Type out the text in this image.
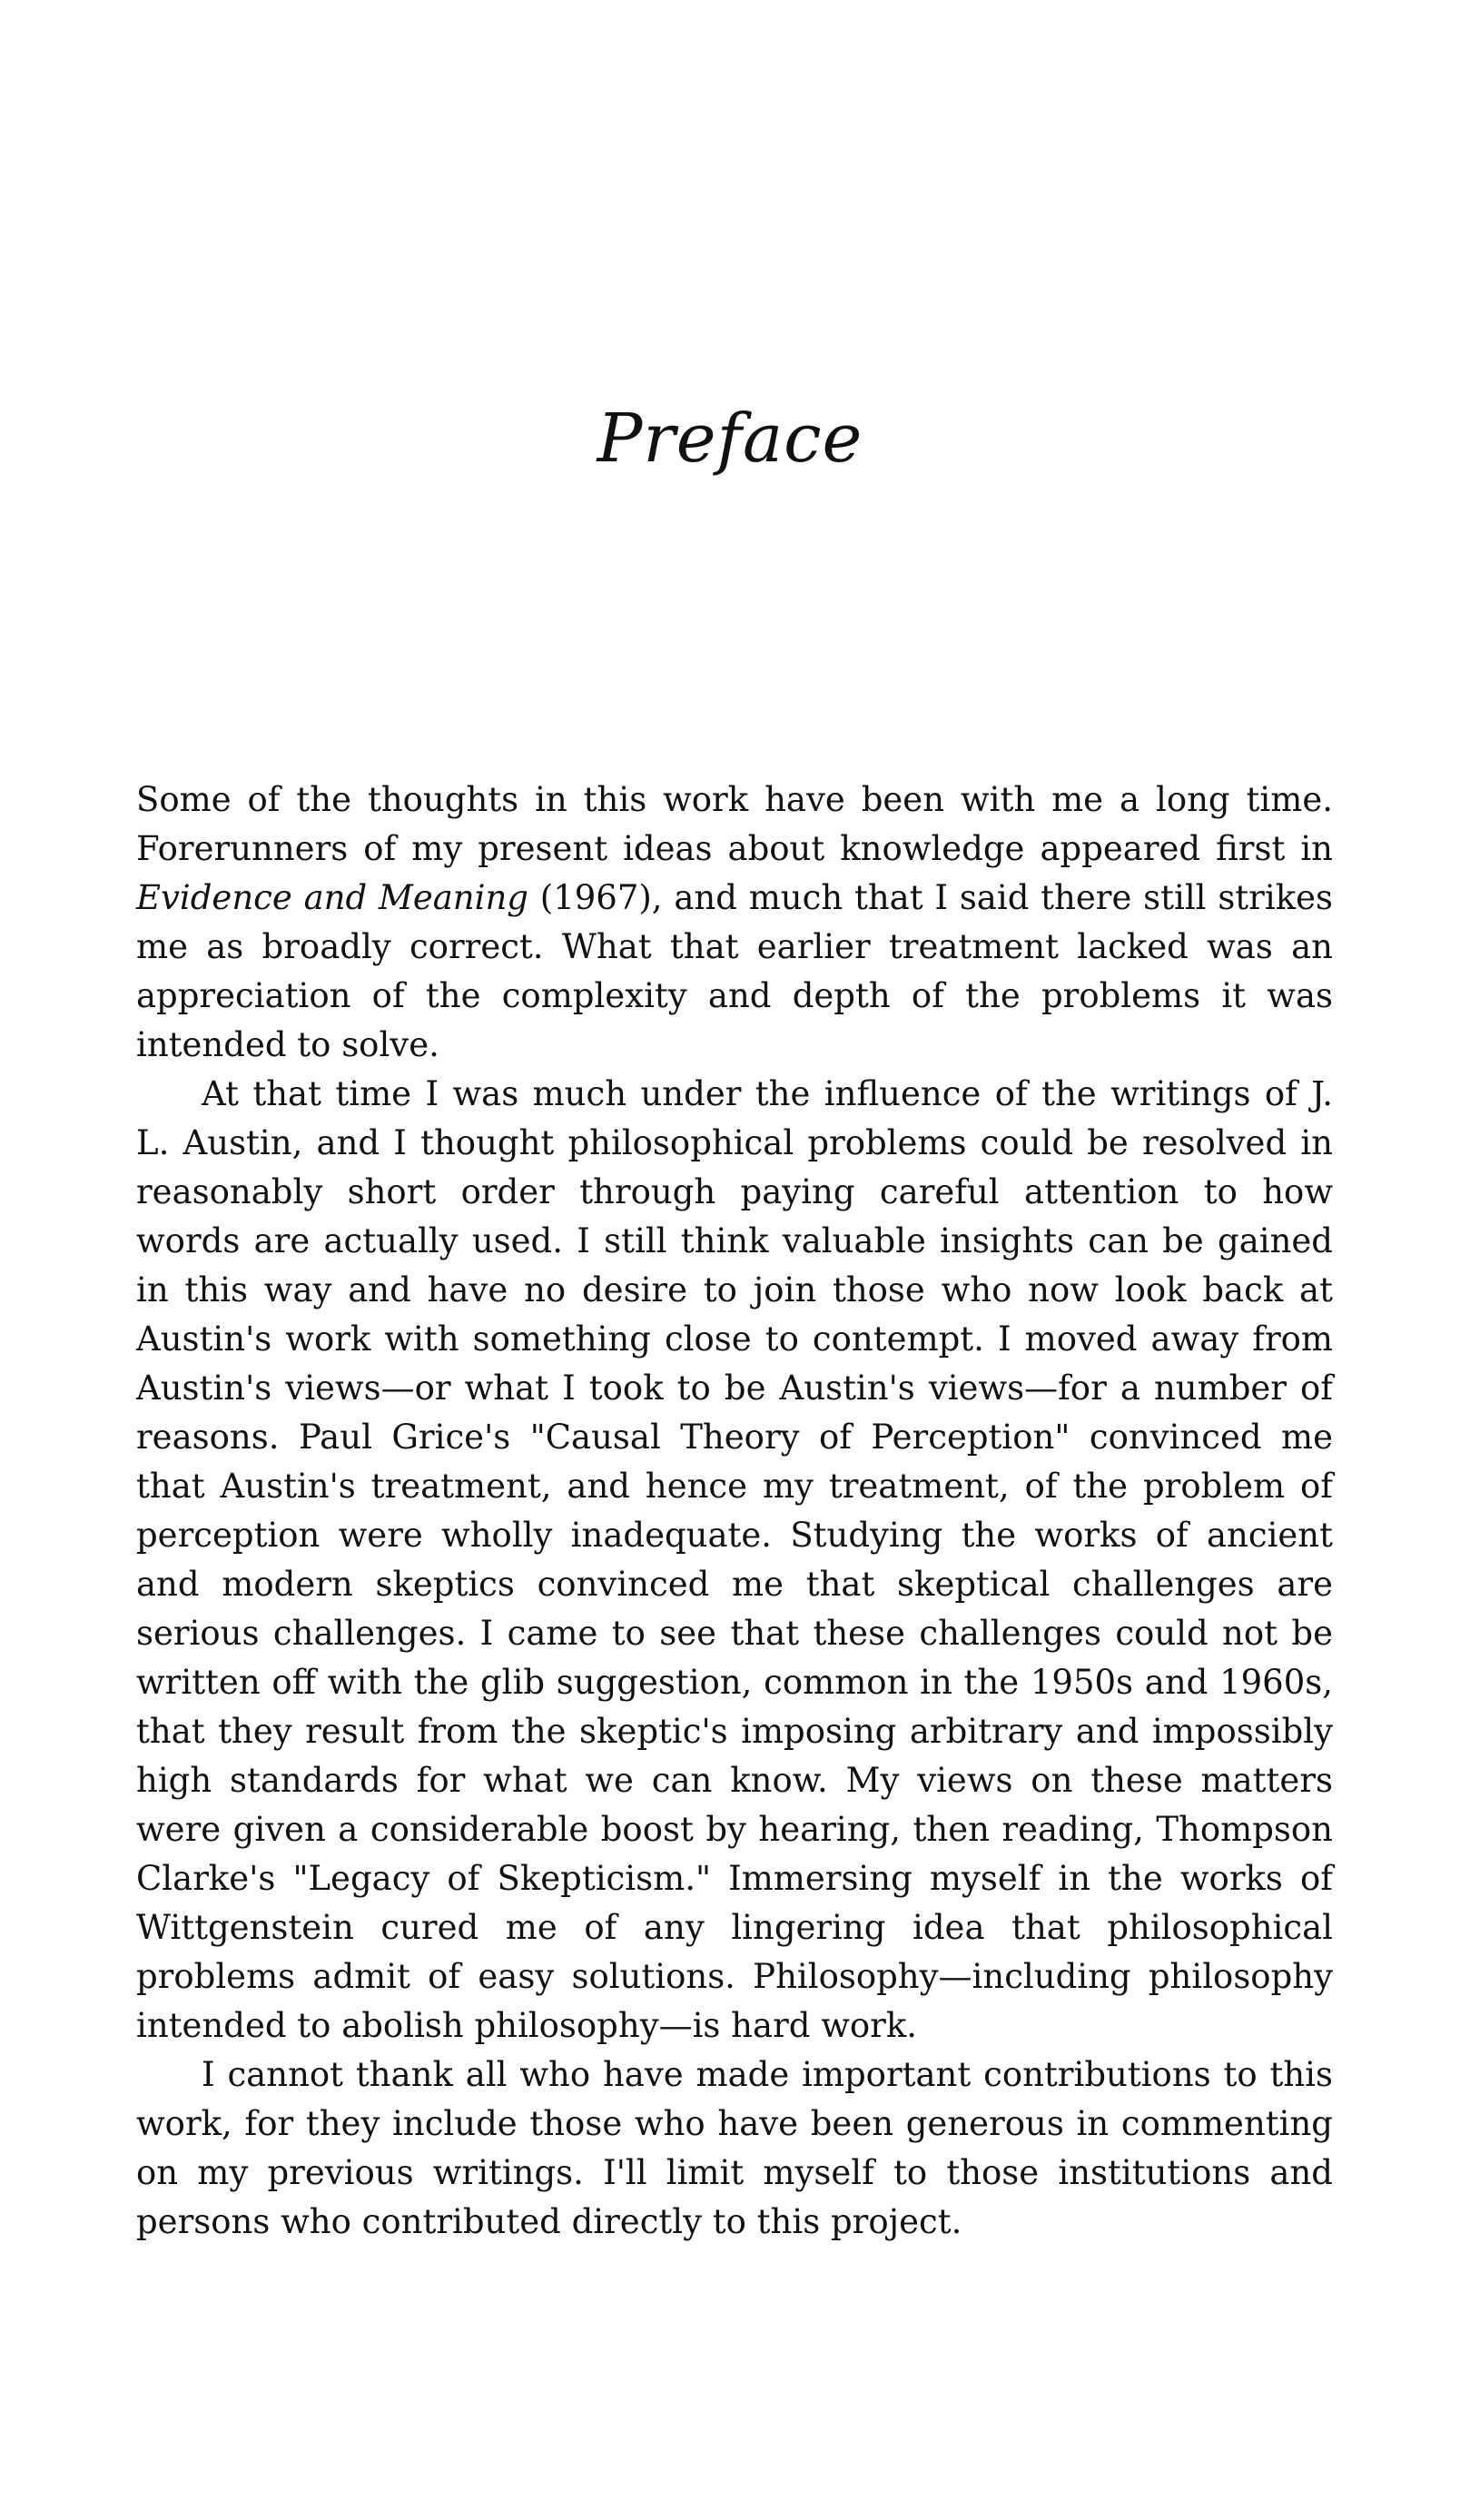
Preface

Some of the thoughts in this work have been with me a long time. Forerunners of my present ideas about knowledge appeared first in Evidence and Meaning (1967), and much that I said there still strikes me as broadly correct. What that earlier treatment lacked was an appreciation of the complexity and depth of the problems it was intended to solve.

At that time I was much under the influence of the writings of J. L. Austin, and I thought philosophical problems could be resolved in reasonably short order through paying careful attention to how words are actually used. I still think valuable insights can be gained in this way and have no desire to join those who now look back at Austin's work with something close to contempt. I moved away from Austin's views—or what I took to be Austin's views—for a number of reasons. Paul Grice's "Causal Theory of Perception" convinced me that Austin's treatment, and hence my treatment, of the problem of perception were wholly inadequate. Studying the works of ancient and modern skeptics convinced me that skeptical challenges are serious challenges. I came to see that these challenges could not be written off with the glib suggestion, common in the 1950s and 1960s, that they result from the skeptic's imposing arbitrary and impossibly high standards for what we can know. My views on these matters were given a considerable boost by hearing, then reading, Thompson Clarke's "Legacy of Skepticism." Immersing myself in the works of Wittgenstein cured me of any lingering idea that philosophical problems admit of easy solutions. Philosophy—including philosophy intended to abolish philosophy—is hard work.

I cannot thank all who have made important contributions to this work, for they include those who have been generous in commenting on my previous writings. I'll limit myself to those institutions and persons who contributed directly to this project.
